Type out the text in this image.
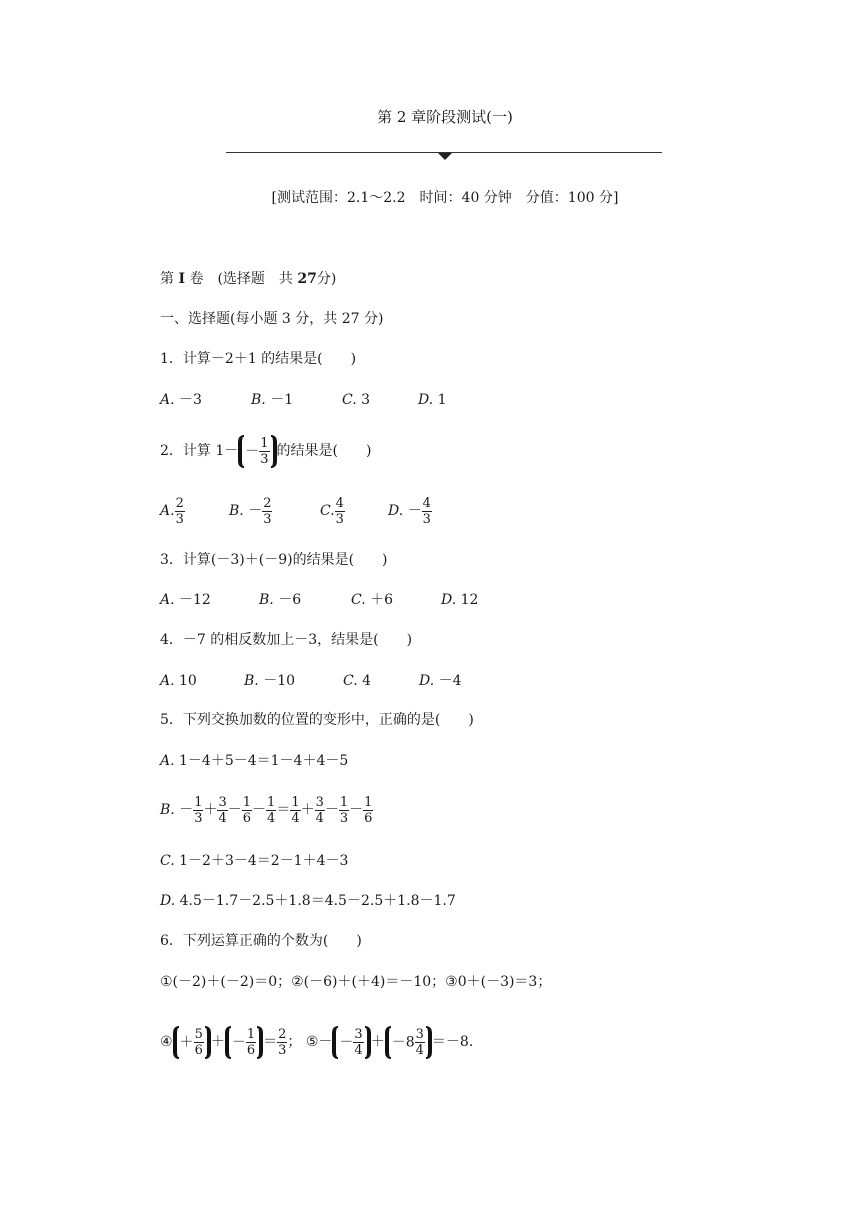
第 2 章阶段测试(一)
[测试范围：2.1～2.2　时间：40 分钟　分值：100 分]
第 Ⅰ 卷　(选择题　共 27分)
一、选择题(每小题 3 分，共 27 分)
1．计算－2＋1 的结果是(　　)
A. －3	B. －1	C. 3	D. 1
2．计算 $1- - \frac{1}{3}$ 的结果是(　　)
A. $\frac{2}{3}$	B.
－ $\frac{2}{3}$	C. $\frac{4}{3}$	D.
－ $\frac{4}{3}$
3．计算(－3)＋(－9)的结果是(　　)
A. －12	B. －6	C. ＋6	D. 12
4．－7 的相反数加上－3，结果是(　　)
A. 10	B. －10	C. 4	D. －4
5．下列交换加数的位置的变形中，正确的是(　　)
A. 1－4＋5－4＝1－4＋4－5
B.
－ $\frac{1}{3} + \frac{3}{4} - \frac{1}{6} - \frac{1}{4} = \frac{1}{4} + \frac{3}{4} - \frac{1}{3} - \frac{1}{6}$
C. 1－2＋3－4＝2－1＋4－3
D. 4.5－1.7－2.5＋1.8＝4.5－2.5＋1.8－1.7
6．下列运算正确的个数为(　　)
①(－2)＋(－2)＝0；②(－6)＋(＋4)＝－10；③0＋(－3)＝3；
④ ＋ $\frac{5}{6}$ ＋ － $\frac{1}{6} = \frac{2}{3}$ ；
⑤－ － $\frac{3}{4} + -8 \frac{3}{4} =-8$.
